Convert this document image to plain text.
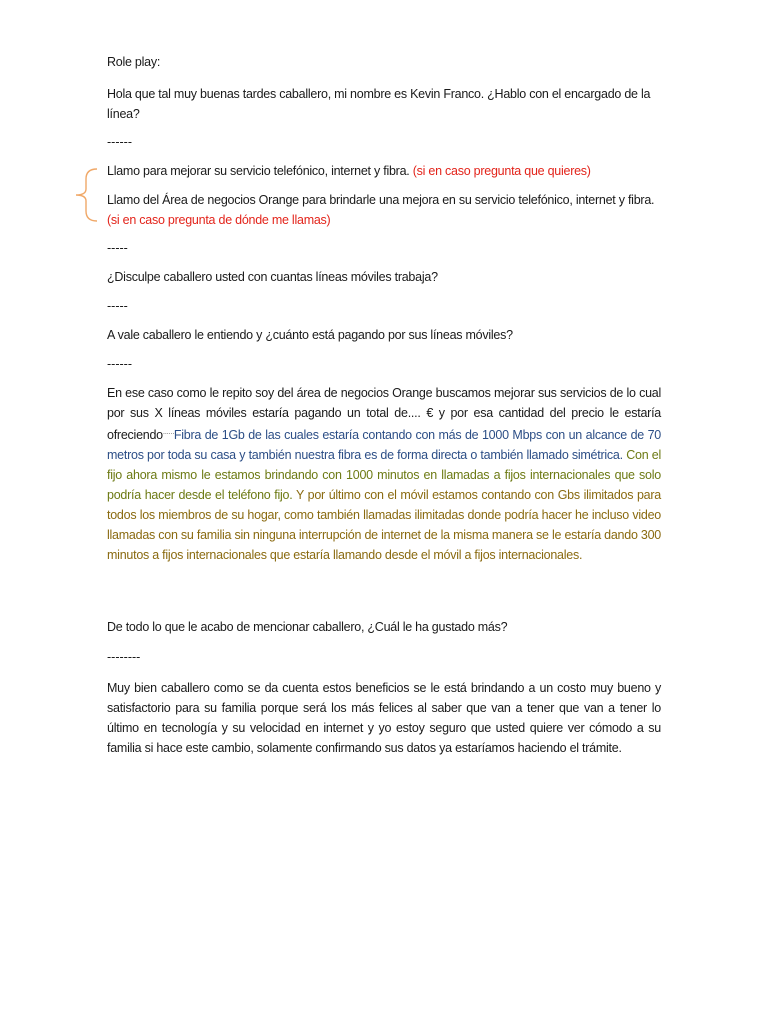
Role play:

Hola que tal muy buenas tardes caballero, mi nombre es Kevin Franco. ¿Hablo con el encargado de la línea?

------

Llamo para mejorar su servicio telefónico, internet y fibra. (si en caso pregunta que quieres)

Llamo del Área de negocios Orange para brindarle una mejora en su servicio telefónico, internet y fibra. (si en caso pregunta de dónde me llamas)

-----

¿Disculpe caballero usted con cuantas líneas móviles trabaja?

-----

A vale caballero le entiendo y ¿cuánto está pagando por sus líneas móviles?

------

En ese caso como le repito soy del área de negocios Orange buscamos mejorar sus servicios de lo cual por sus X líneas móviles estaría pagando un total de.... € y por esa cantidad del precio le estaría ofreciendo……Fibra de 1Gb de las cuales estaría contando con más de 1000 Mbps con un alcance de 70 metros por toda su casa y también nuestra fibra es de forma directa o también llamado simétrica. Con el fijo ahora mismo le estamos brindando con 1000 minutos en llamadas a fijos internacionales que solo podría hacer desde el teléfono fijo. Y por último con el móvil estamos contando con Gbs ilimitados para todos los miembros de su hogar, como también llamadas ilimitadas donde podría hacer he incluso video llamadas con su familia sin ninguna interrupción de internet de la misma manera se le estaría dando 300 minutos a fijos internacionales que estaría llamando desde el móvil a fijos internacionales.

De todo lo que le acabo de mencionar caballero, ¿Cuál le ha gustado más?

--------

Muy bien caballero como se da cuenta estos beneficios se le está brindando a un costo muy bueno y satisfactorio para su familia porque será los más felices al saber que van a tener que van a tener lo último en tecnología y su velocidad en internet y yo estoy seguro que usted quiere ver cómodo a su familia si hace este cambio, solamente confirmando sus datos ya estaríamos haciendo el trámite.
